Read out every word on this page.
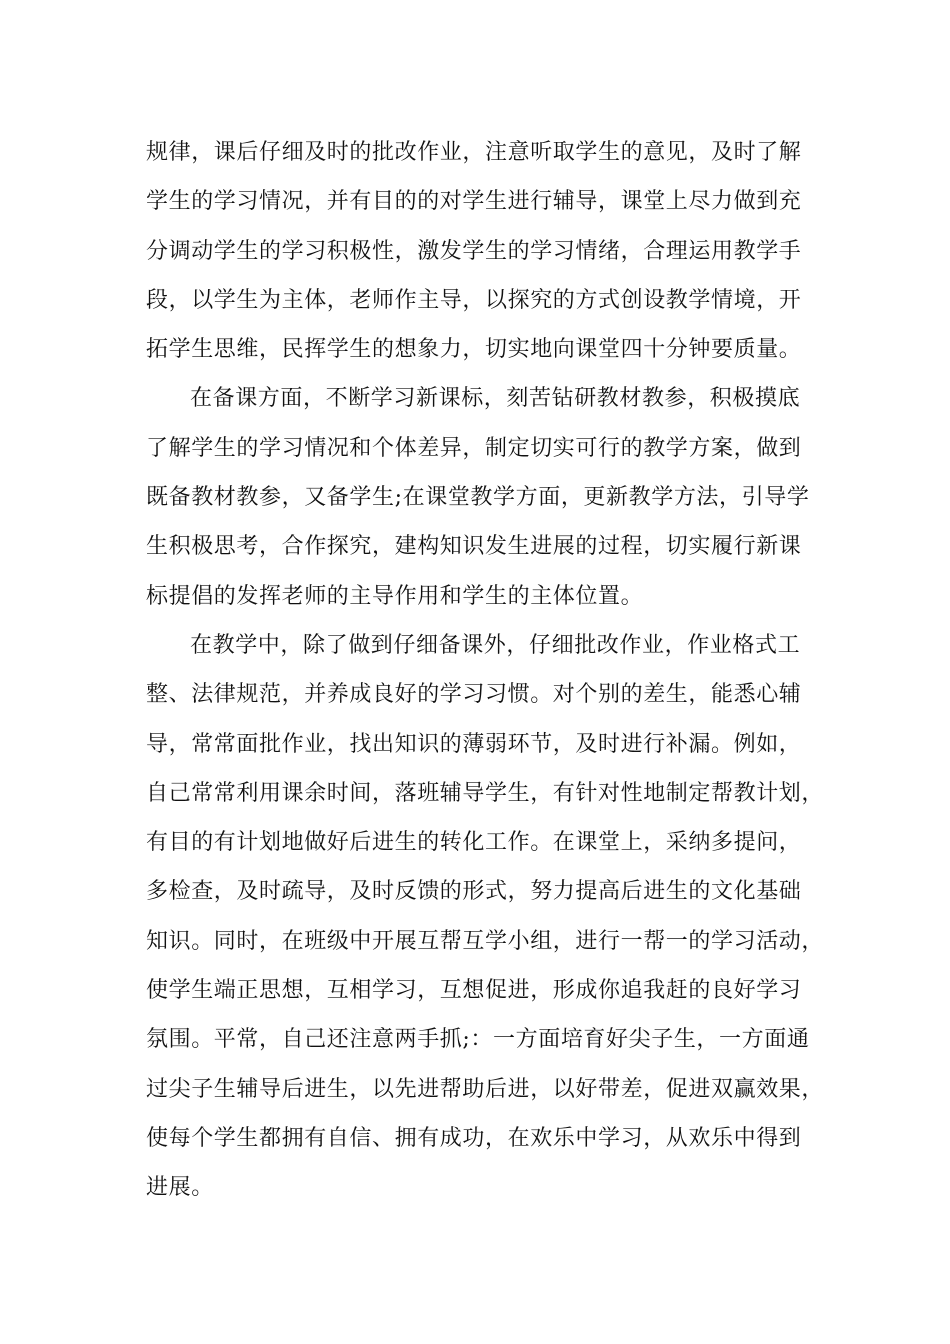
规律，课后仔细及时的批改作业，注意听取学生的意见，及时了解
学生的学习情况，并有目的的对学生进行辅导，课堂上尽力做到充
分调动学生的学习积极性，激发学生的学习情绪，合理运用教学手
段，以学生为主体，老师作主导，以探究的方式创设教学情境，开
拓学生思维，民挥学生的想象力，切实地向课堂四十分钟要质量。
在备课方面，不断学习新课标，刻苦钻研教材教参，积极摸底
了解学生的学习情况和个体差异，制定切实可行的教学方案，做到
既备教材教参，又备学生;在课堂教学方面，更新教学方法，引导学
生积极思考，合作探究，建构知识发生进展的过程，切实履行新课
标提倡的发挥老师的主导作用和学生的主体位置。
在教学中，除了做到仔细备课外，仔细批改作业，作业格式工
整、法律规范，并养成良好的学习习惯。对个别的差生，能悉心辅
导，常常面批作业，找出知识的薄弱环节，及时进行补漏。例如，
自己常常利用课余时间，落班辅导学生，有针对性地制定帮教计划，
有目的有计划地做好后进生的转化工作。在课堂上，采纳多提问，
多检查，及时疏导，及时反馈的形式，努力提高后进生的文化基础
知识。同时，在班级中开展互帮互学小组，进行一帮一的学习活动，
使学生端正思想，互相学习，互想促进，形成你追我赶的良好学习
氛围。平常，自己还注意两手抓;：一方面培育好尖子生，一方面通
过尖子生辅导后进生，以先进帮助后进，以好带差，促进双赢效果，
使每个学生都拥有自信、拥有成功，在欢乐中学习，从欢乐中得到
进展。
